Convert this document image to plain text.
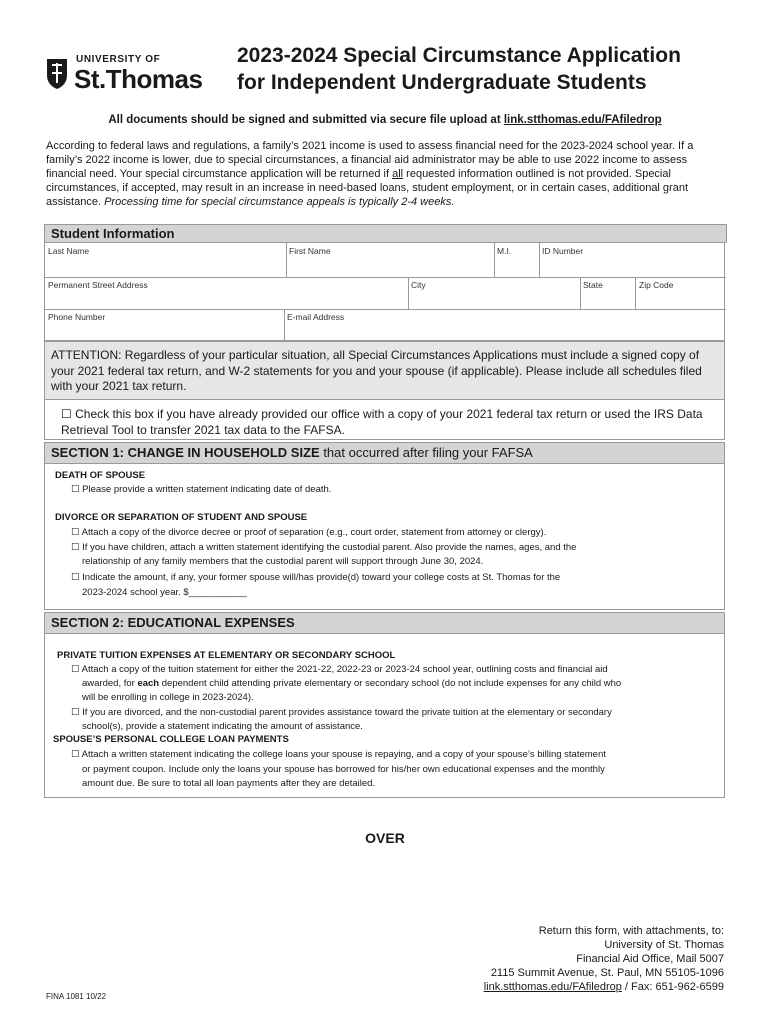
UNIVERSITY OF
St.Thomas
2023-2024 Special Circumstance Application
for Independent Undergraduate Students
All documents should be signed and submitted via secure file upload at link.stthomas.edu/FAfiledrop
According to federal laws and regulations, a family’s 2021 income is used to assess financial need for the 2023-2024 school year. If a family’s 2022 income is lower, due to special circumstances, a financial aid administrator may be able to use 2022 income to assess financial need. Your special circumstance application will be returned if all requested information outlined is not provided. Special circumstances, if accepted, may result in an increase in need-based loans, student employment, or in certain cases, additional grant assistance. Processing time for special circumstance appeals is typically 2-4 weeks.
Student Information
Last Name	First Name	M.I.	ID Number
Permanent Street Address	City	State	Zip Code
Phone Number	E-mail Address

ATTENTION: Regardless of your particular situation, all Special Circumstances Applications must include a signed copy of your 2021 federal tax return, and W-2 statements for you and your spouse (if applicable). Please include all schedules filed with your 2021 tax return.

☐ Check this box if you have already provided our office with a copy of your 2021 federal tax return or used the IRS Data Retrieval Tool to transfer 2021 tax data to the FAFSA.

SECTION 1: CHANGE IN HOUSEHOLD SIZE that occurred after filing your FAFSA
DEATH OF SPOUSE
☐ Please provide a written statement indicating date of death.
DIVORCE OR SEPARATION OF STUDENT AND SPOUSE
☐ Attach a copy of the divorce decree or proof of separation (e.g., court order, statement from attorney or clergy).
☐ If you have children, attach a written statement identifying the custodial parent. Also provide the names, ages, and the
relationship of any family members that the custodial parent will support through June 30, 2024.
☐ Indicate the amount, if any, your former spouse will/has provide(d) toward your college costs at St. Thomas for the
2023-2024 school year. $___________
SECTION 2: EDUCATIONAL EXPENSES
PRIVATE TUITION EXPENSES AT ELEMENTARY OR SECONDARY SCHOOL
☐ Attach a copy of the tuition statement for either the 2021-22, 2022-23 or 2023-24 school year, outlining costs and financial aid
awarded, for each dependent child attending private elementary or secondary school (do not include expenses for any child who
will be enrolling in college in 2023-2024).
☐ If you are divorced, and the non-custodial parent provides assistance toward the private tuition at the elementary or secondary
school(s), provide a statement indicating the amount of assistance.
SPOUSE’S PERSONAL COLLEGE LOAN PAYMENTS
☐ Attach a written statement indicating the college loans your spouse is repaying, and a copy of your spouse’s billing statement
or payment coupon. Include only the loans your spouse has borrowed for his/her own educational expenses and the monthly
amount due. Be sure to total all loan payments after they are detailed.
OVER
Return this form, with attachments, to:
University of St. Thomas
Financial Aid Office, Mail 5007
2115 Summit Avenue, St. Paul, MN 55105-1096
link.stthomas.edu/FAfiledrop / Fax: 651-962-6599
FINA 1081 10/22
